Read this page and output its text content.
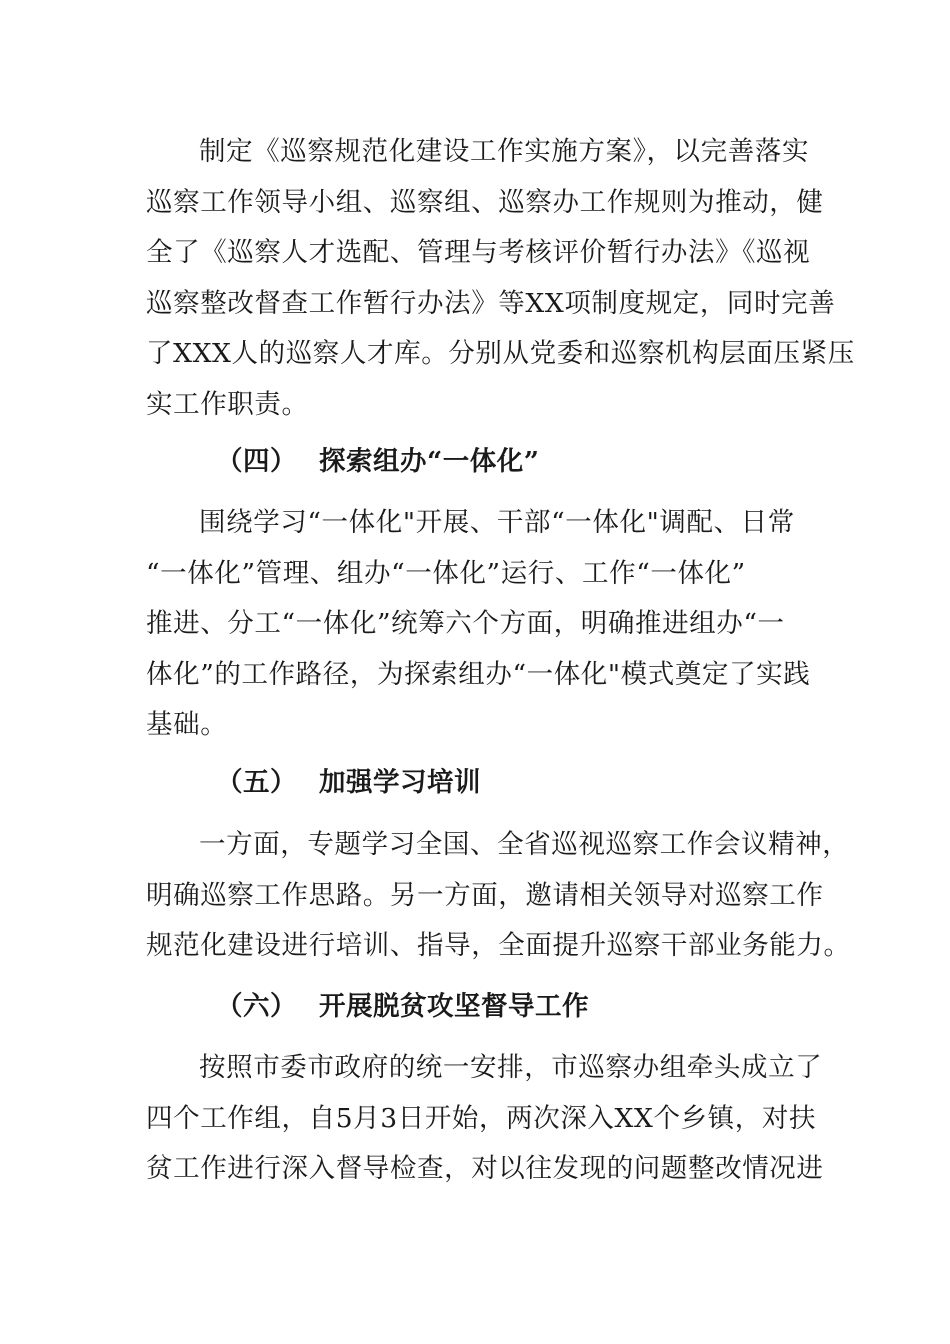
制定《巡察规范化建设工作实施方案》，以完善落实
巡察工作领导小组、巡察组、巡察办工作规则为推动，健
全了《巡察人才选配、管理与考核评价暂行办法》《巡视
巡察整改督查工作暂行办法》等XX项制度规定，同时完善
了XXX人的巡察人才库。分别从党委和巡察机构层面压紧压
实工作职责。
（四） 探索组办“一体化”
围绕学习“一体化"开展、干部“一体化"调配、日常
“一体化”管理、组办“一体化”运行、工作“一体化”
推进、分工“一体化”统筹六个方面，明确推进组办“一
体化”的工作路径，为探索组办“一体化"模式奠定了实践
基础。
（五） 加强学习培训
一方面，专题学习全国、全省巡视巡察工作会议精神，
明确巡察工作思路。另一方面，邀请相关领导对巡察工作
规范化建设进行培训、指导，全面提升巡察干部业务能力。
（六） 开展脱贫攻坚督导工作
按照市委市政府的统一安排，市巡察办组牵头成立了
四个工作组，自5月3日开始，两次深入XX个乡镇，对扶
贫工作进行深入督导检查，对以往发现的问题整改情况进
